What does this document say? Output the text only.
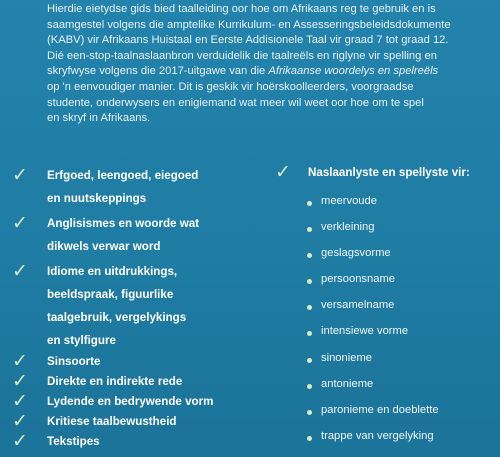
Hierdie eietydse gids bied taalleiding oor hoe om Afrikaans reg te gebruik en is
saamgestel volgens die amptelike Kurrikulum- en Assesseringsbeleidsdokumente
(KABV) vir Afrikaans Huistaal en Eerste Addisionele Taal vir graad 7 tot graad 12.
Dié een-stop-taalnaslaanbron verduidelik die taalreëls en riglyne vir spelling en
skryfwyse volgens die 2017-uitgawe van die Afrikaanse woordelys en spelreëls
op 'n eenvoudiger manier. Dit is geskik vir hoërskoolleerders, voorgraadse
studente, onderwysers en enigiemand wat meer wil weet oor hoe om te spel
en skryf in Afrikaans.
✓	Erfgoed, leengoed, eiegoed
en nuutskeppings
✓	Anglisismes en woorde wat
dikwels verwar word
✓	Idiome en uitdrukkings,
beeldspraak, figuurlike
taalgebruik, vergelykings
en stylfigure
✓	Sinsoorte
✓	Direkte en indirekte rede
✓	Lydende en bedrywende vorm
✓	Kritiese taalbewustheid
✓	Tekstipes
✓	Naslaanlyste en spellyste vir:
meervoude
verkleining
geslagsvorme
persoonsname
versamelname
intensiewe vorme
sinonieme
antonieme
paronieme en doeblette
trappe van vergelyking
